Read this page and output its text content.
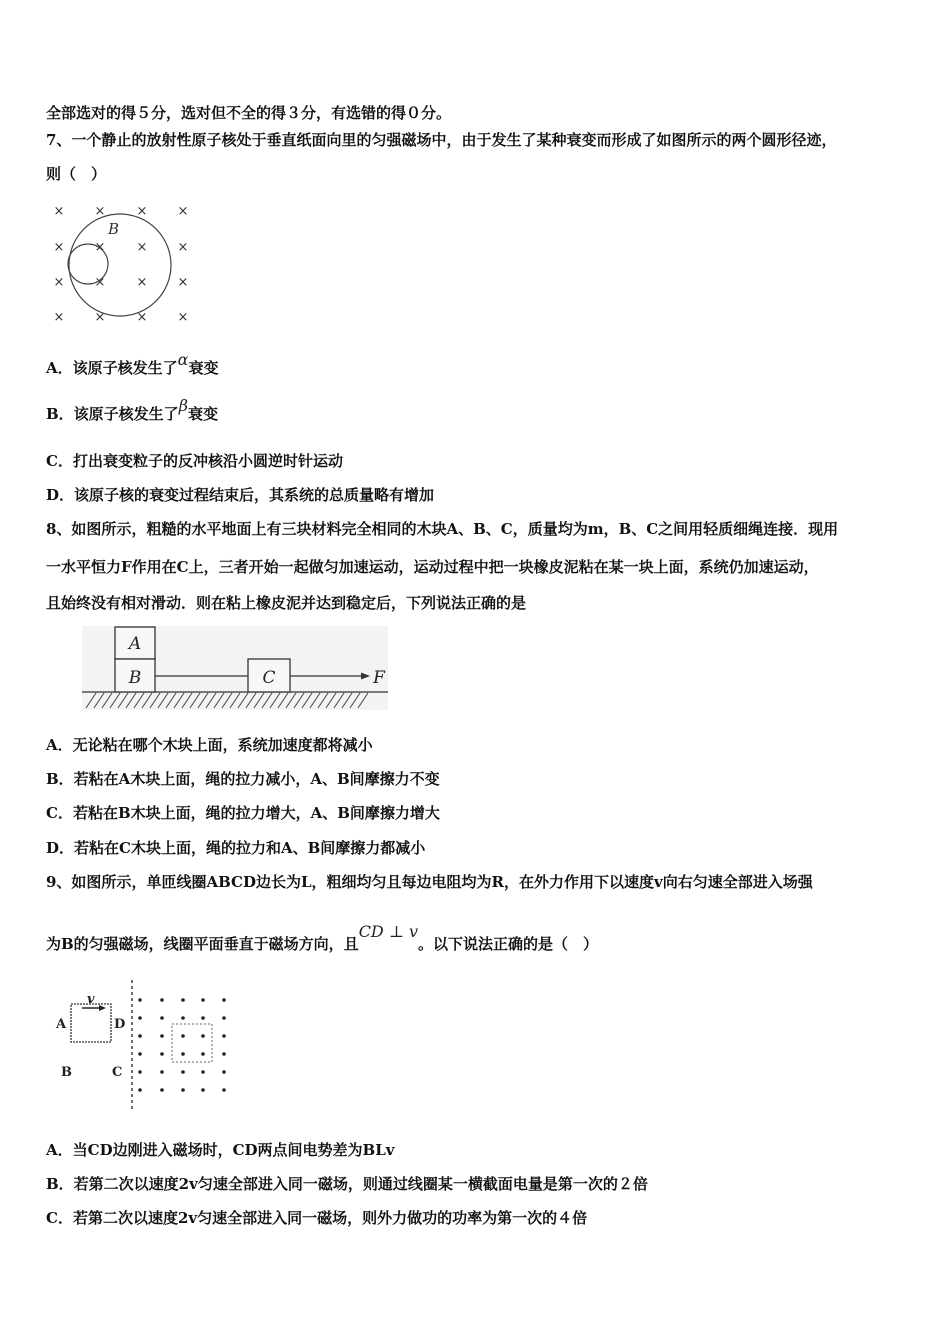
全部选对的得５分，选对但不全的得３分，有选错的得０分。
7、一个静止的放射性原子核处于垂直纸面向里的匀强磁场中，由于发生了某种衰变而形成了如图所示的两个圆形径迹，
则（　）
× × × ×
× × × ×
× × × ×
× × × ×
B
A．该原子核发生了α衰变
B．该原子核发生了β衰变
C．打出衰变粒子的反冲核沿小圆逆时针运动
D．该原子核的衰变过程结束后，其系统的总质量略有增加
8、如图所示，粗糙的水平地面上有三块材料完全相同的木块A、B、C，质量均为m，B、C之间用轻质细绳连接．现用
一水平恒力F作用在C上，三者开始一起做匀加速运动，运动过程中把一块橡皮泥粘在某一块上面，系统仍加速运动，
且始终没有相对滑动．则在粘上橡皮泥并达到稳定后，下列说法正确的是
A
B	C	F
A．无论粘在哪个木块上面，系统加速度都将减小
B．若粘在A木块上面，绳的拉力减小，A、B间摩擦力不变
C．若粘在B木块上面，绳的拉力增大，A、B间摩擦力增大
D．若粘在C木块上面，绳的拉力和A、B间摩擦力都减小
9、如图所示，单匝线圈ABCD边长为L，粗细均匀且每边电阻均为R，在外力作用下以速度v向右匀速全部进入场强
为B的匀强磁场，线圈平面垂直于磁场方向，且CD ⊥ v。以下说法正确的是（　）
v
A	D
B	C
A．当CD边刚进入磁场时，CD两点间电势差为BLv
B．若第二次以速度2v匀速全部进入同一磁场，则通过线圈某一横截面电量是第一次的２倍
C．若第二次以速度2v匀速全部进入同一磁场，则外力做功的功率为第一次的４倍
